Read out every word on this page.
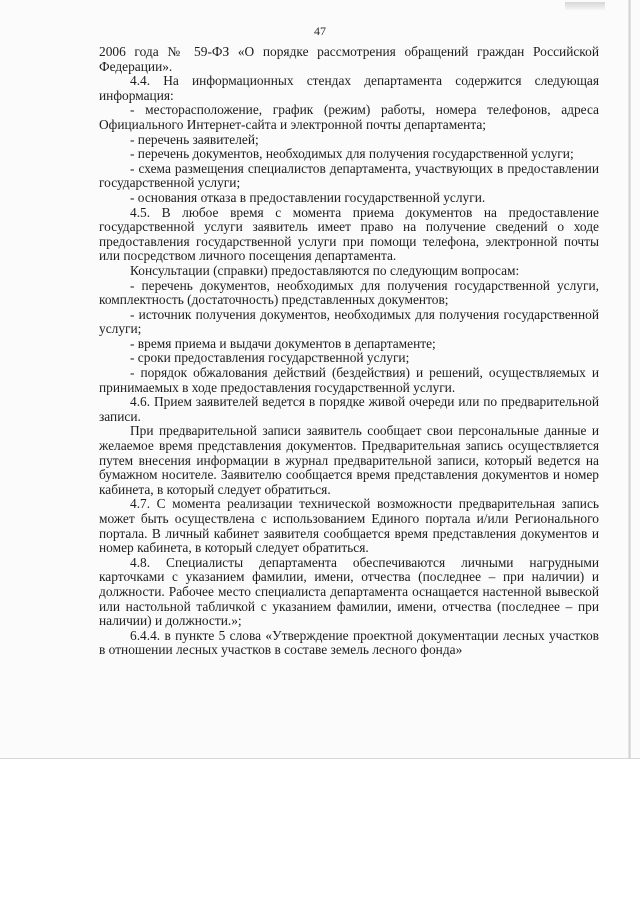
47

2006 года № 59-ФЗ «О порядке рассмотрения обращений граждан Российской Федерации».

4.4. На информационных стендах департамента содержится следующая информация:

- месторасположение, график (режим) работы, номера телефонов, адреса Официального Интернет-сайта и электронной почты департамента;

- перечень заявителей;

- перечень документов, необходимых для получения государственной услуги;

- схема размещения специалистов департамента, участвующих в предоставлении государственной услуги;

- основания отказа в предоставлении государственной услуги.

4.5. В любое время с момента приема документов на предоставление государственной услуги заявитель имеет право на получение сведений о ходе предоставления государственной услуги при помощи телефона, электронной почты или посредством личного посещения департамента.

Консультации (справки) предоставляются по следующим вопросам:

- перечень документов, необходимых для получения государственной услуги, комплектность (достаточность) представленных документов;

- источник получения документов, необходимых для получения государственной услуги;

- время приема и выдачи документов в департаменте;

- сроки предоставления государственной услуги;

- порядок обжалования действий (бездействия) и решений, осуществляемых и принимаемых в ходе предоставления государственной услуги.

4.6. Прием заявителей ведется в порядке живой очереди или по предварительной записи.

При предварительной записи заявитель сообщает свои персональные данные и желаемое время представления документов. Предварительная запись осуществляется путем внесения информации в журнал предварительной записи, который ведется на бумажном носителе. Заявителю сообщается время представления документов и номер кабинета, в который следует обратиться.

4.7. С момента реализации технической возможности предварительная запись может быть осуществлена с использованием Единого портала и/или Регионального портала. В личный кабинет заявителя сообщается время представления документов и номер кабинета, в который следует обратиться.

4.8. Специалисты департамента обеспечиваются личными нагрудными карточками с указанием фамилии, имени, отчества (последнее – при наличии) и должности. Рабочее место специалиста департамента оснащается настенной вывеской или настольной табличкой с указанием фамилии, имени, отчества (последнее – при наличии) и должности.»;

6.4.4. в пункте 5 слова «Утверждение проектной документации лесных участков в отношении лесных участков в составе земель лесного фонда»
